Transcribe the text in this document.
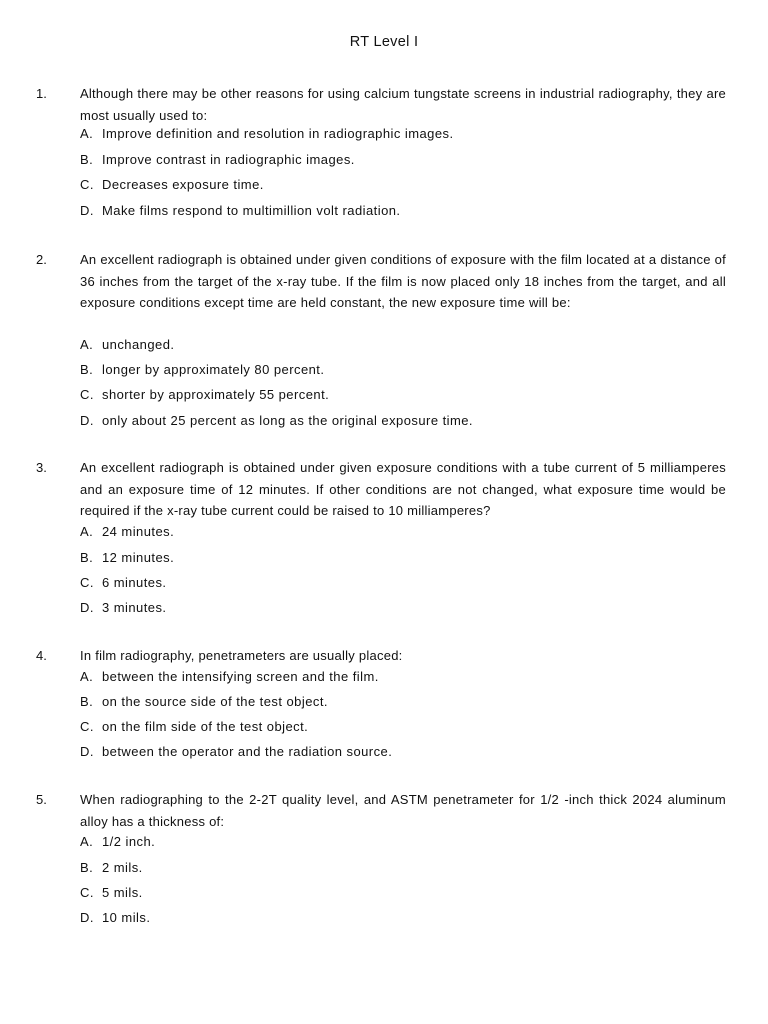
RT Level I
1.	Although there may be other reasons for using calcium tungstate screens in industrial radiography, they are most usually used to:
A. Improve definition and resolution in radiographic images.
B. Improve contrast in radiographic images.
C. Decreases exposure time.
D. Make films respond to multimillion volt radiation.
2.	An excellent radiograph is obtained under given conditions of exposure with the film located at a distance of 36 inches from the target of the x-ray tube. If the film is now placed only 18 inches from the target, and all exposure conditions except time are held constant, the new exposure time will be:
A. unchanged.
B. longer by approximately 80 percent.
C. shorter by approximately 55 percent.
D. only about 25 percent as long as the original exposure time.
3.	An excellent radiograph is obtained under given exposure conditions with a tube current of 5 milliamperes and an exposure time of 12 minutes. If other conditions are not changed, what exposure time would be required if the x-ray tube current could be raised to 10 milliamperes?
A. 24 minutes.
B. 12 minutes.
C. 6 minutes.
D. 3 minutes.
4.	In film radiography, penetrameters are usually placed:
A. between the intensifying screen and the film.
B. on the source side of the test object.
C. on the film side of the test object.
D. between the operator and the radiation source.
5.	When radiographing to the 2-2T quality level, and ASTM penetrameter for 1/2 -inch thick 2024 aluminum alloy has a thickness of:
A. 1/2 inch.
B. 2 mils.
C. 5 mils.
D. 10 mils.
